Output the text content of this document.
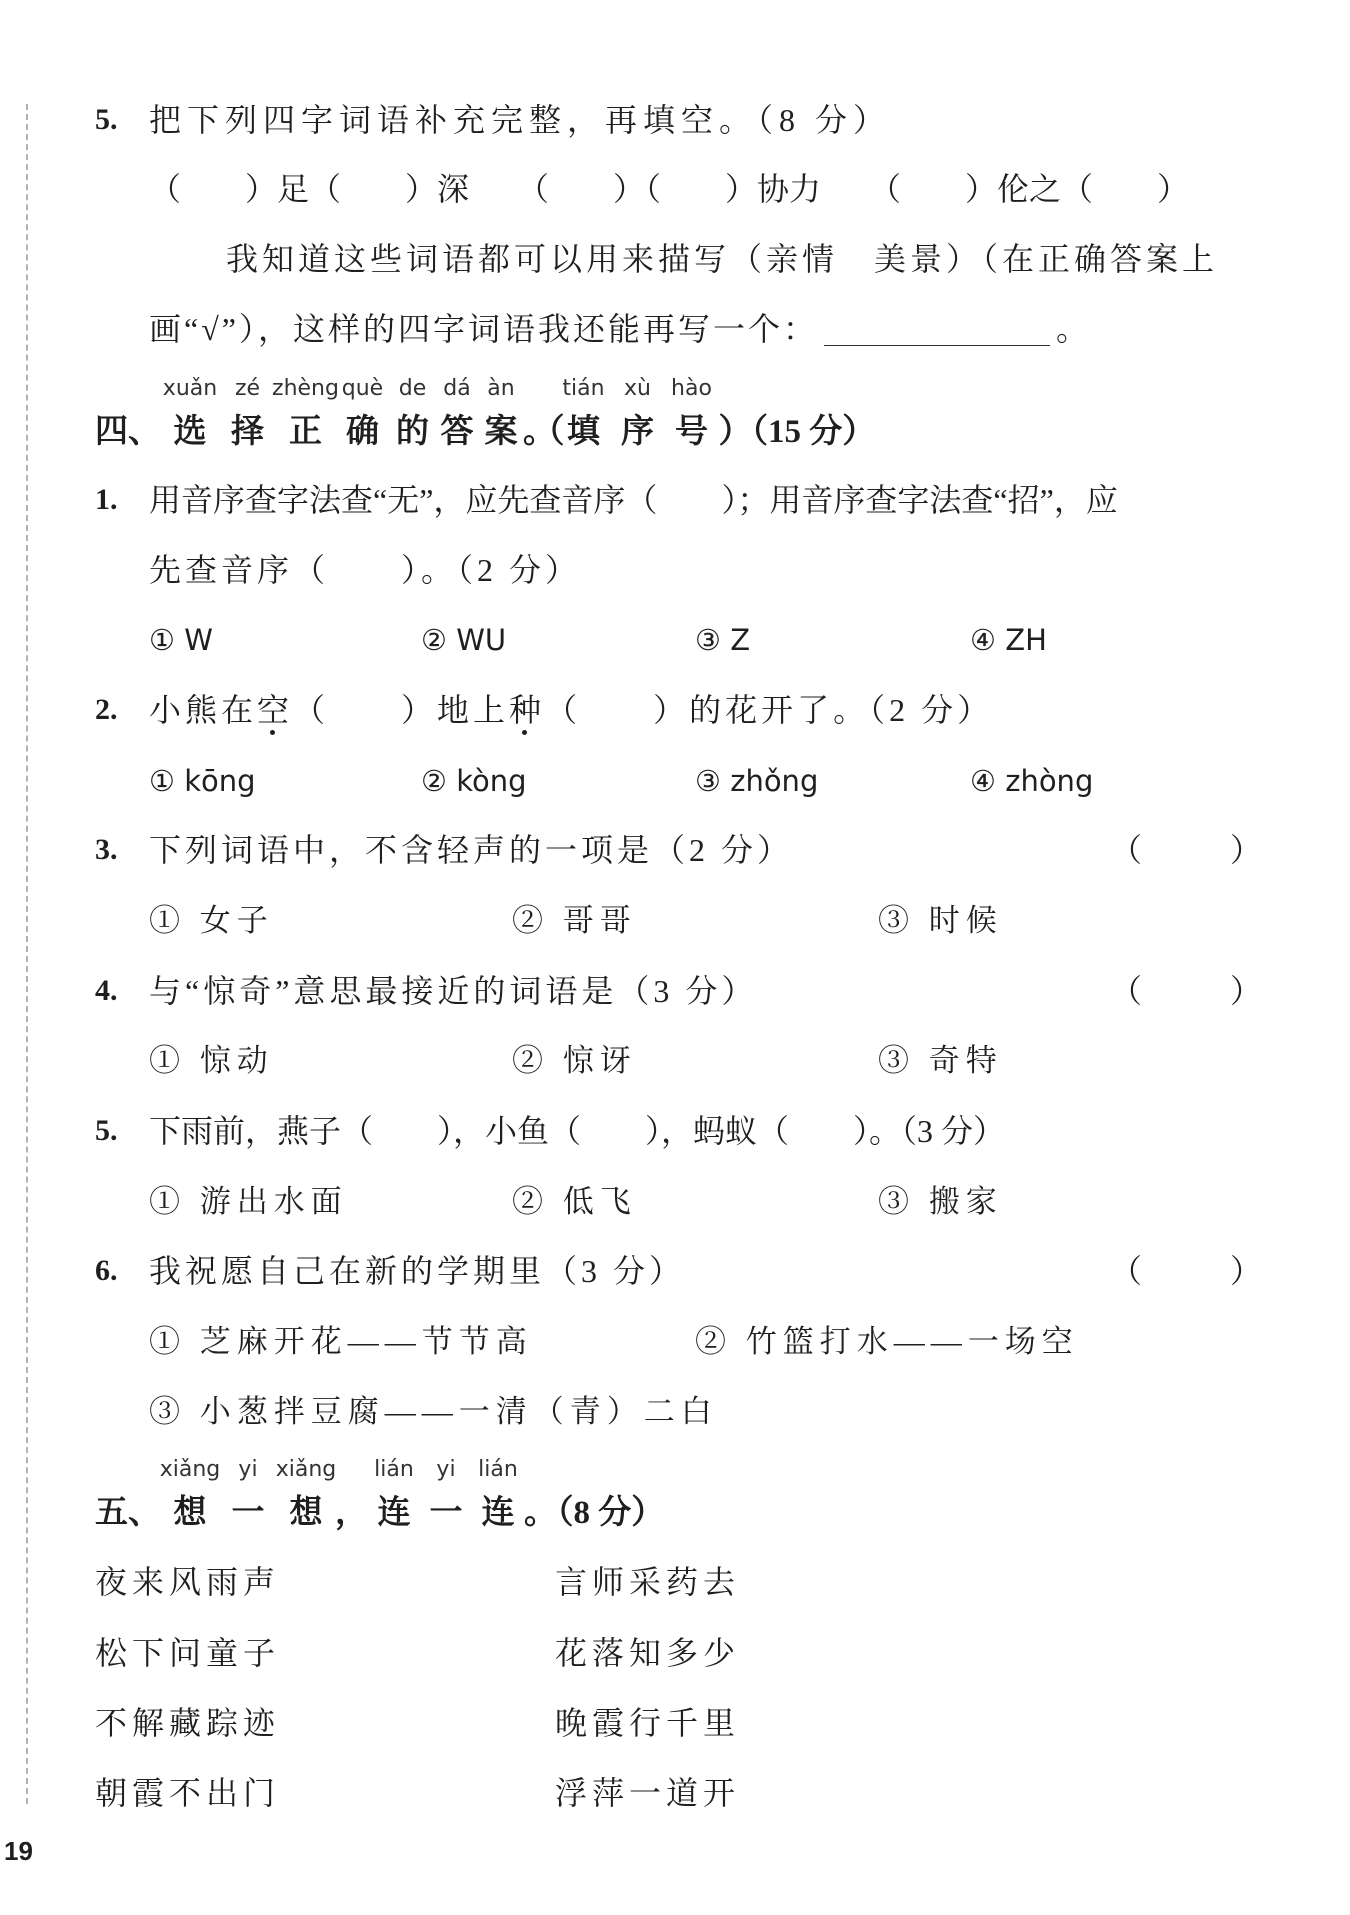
5. 把下列四字词语补充完整，再填空。（8 分）
（　　）足（　　）深　　（　　）（　　）协力　　（　　）伦之（　　）
我知道这些词语都可以用来描写（亲情　美景）（在正确答案上
画“√”），这样的四字词语我还能再写一个：	。
四、
xuǎn
选
zé
择
zhèng
正
què
确
de
的
dá
答
àn
案 。（
tián
填
xù
序
hào
号 ）（15 分）
1. 用音序查字法查“无”，应先查音序（　　）；用音序查字法查“招”，应
先查音序（　　）。（2 分）
① W	② WU	③ Z	④ ZH
2. 小熊在空
（　　）地上种
（　　）的花开了。（2 分）
① kōng	② kòng	③ zhǒng	④ zhòng
3. 下列词语中，不含轻声的一项是（2 分）	（　　）
① 女子	② 哥哥	③ 时候
4. 与“惊奇”意思最接近的词语是（3 分）	（　　）
① 惊动	② 惊讶	③ 奇特
5. 下雨前，燕子（　　），小鱼（　　），蚂蚁（　　）。（3 分）
① 游出水面	② 低飞	③ 搬家
6. 我祝愿自己在新的学期里（3 分）	（　　）
① 芝麻开花——节节高	② 竹篮打水——一场空
③ 小葱拌豆腐——一清（青）二白
五、
xiǎng
想
yi
一
xiǎng
想 ，
lián
连
yi
一
lián
连 。（8 分）
夜来风雨声	言师采药去
松下问童子	花落知多少
不解藏踪迹	晚霞行千里
朝霞不出门	浮萍一道开
19
